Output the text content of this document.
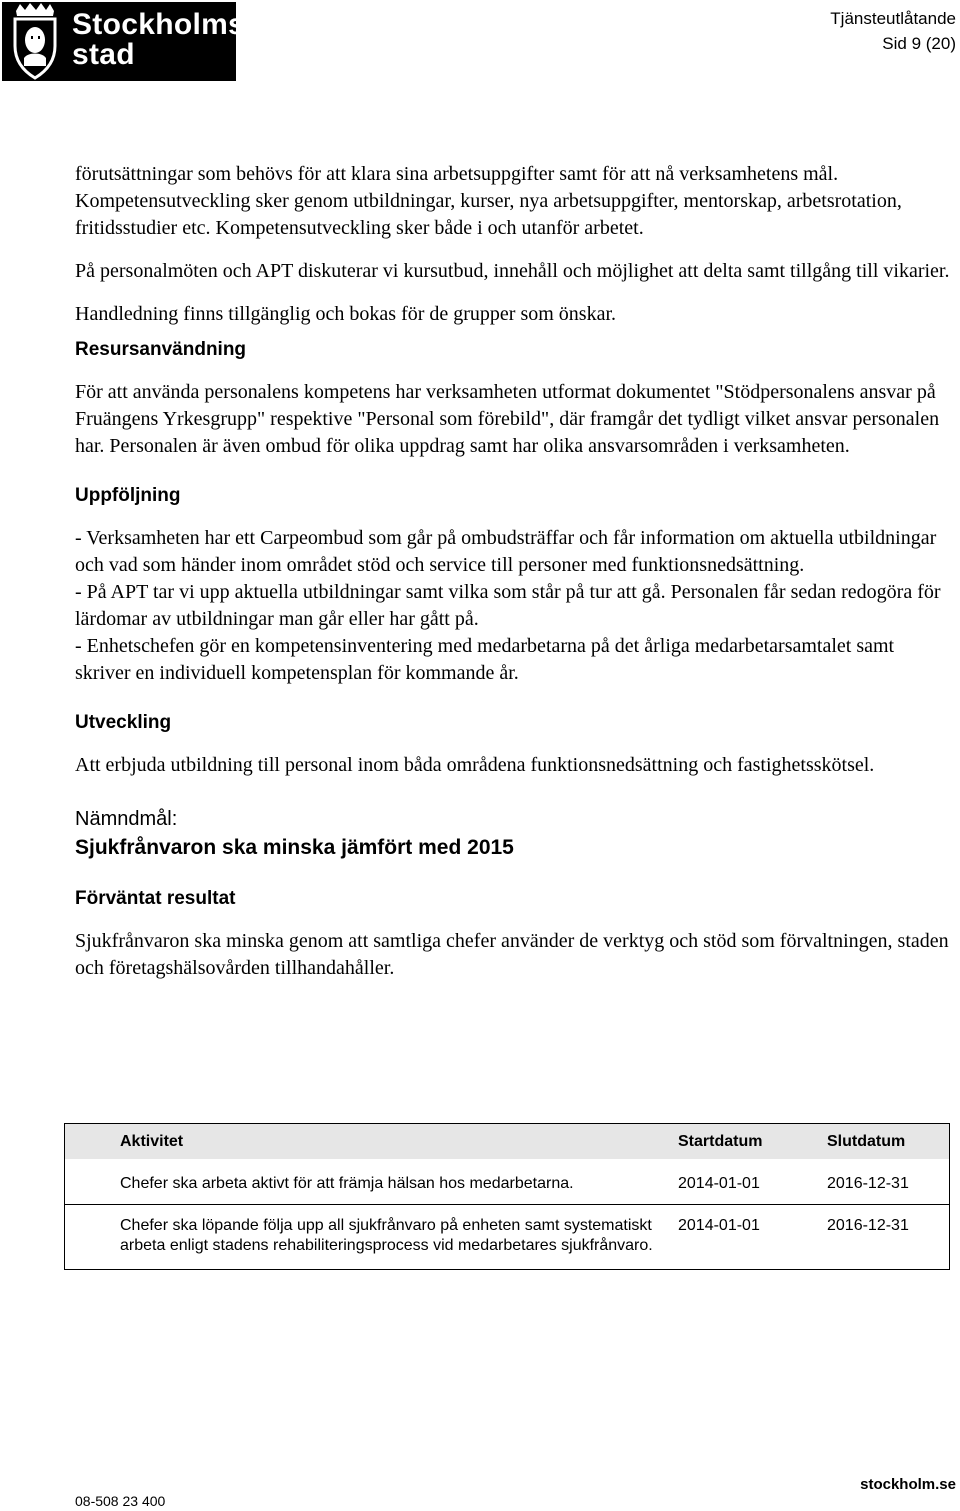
Stockholms
stad
Tjänsteutlåtande
Sid 9 (20)

förutsättningar som behövs för att klara sina arbetsuppgifter samt för att nå verksamhetens mål. Kompetensutveckling sker genom utbildningar, kurser, nya arbetsuppgifter, mentorskap, arbetsrotation, fritidsstudier etc. Kompetensutveckling sker både i och utanför arbetet.

På personalmöten och APT diskuterar vi kursutbud, innehåll och möjlighet att delta samt tillgång till vikarier.

Handledning finns tillgänglig och bokas för de grupper som önskar.

Resursanvändning

För att använda personalens kompetens har verksamheten utformat dokumentet "Stödpersonalens ansvar på Fruängens Yrkesgrupp" respektive "Personal som förebild", där framgår det tydligt vilket ansvar personalen har. Personalen är även ombud för olika uppdrag samt har olika ansvarsområden i verksamheten.

Uppföljning

- Verksamheten har ett Carpeombud som går på ombudsträffar och får information om aktuella utbildningar och vad som händer inom området stöd och service till personer med funktionsnedsättning.

- På APT tar vi upp aktuella utbildningar samt vilka som står på tur att gå. Personalen får sedan redogöra för lärdomar av utbildningar man går eller har gått på.

- Enhetschefen gör en kompetensinventering med medarbetarna på det årliga medarbetarsamtalet samt skriver en individuell kompetensplan för kommande år.

Utveckling

Att erbjuda utbildning till personal inom båda områdena funktionsnedsättning och fastighetsskötsel.

Nämndmål:

Sjukfrånvaron ska minska jämfört med 2015

Förväntat resultat

Sjukfrånvaron ska minska genom att samtliga chefer använder de verktyg och stöd som förvaltningen, staden och företagshälsovården tillhandahåller.

Aktivitet	Startdatum	Slutdatum
Chefer ska arbeta aktivt för att främja hälsan hos medarbetarna.	2014-01-01	2016-12-31
Chefer ska löpande följa upp all sjukfrånvaro på enheten samt systematiskt arbeta enligt stadens rehabiliteringsprocess vid medarbetares sjukfrånvaro.	2014-01-01	2016-12-31
08-508 23 400
stockholm.se
